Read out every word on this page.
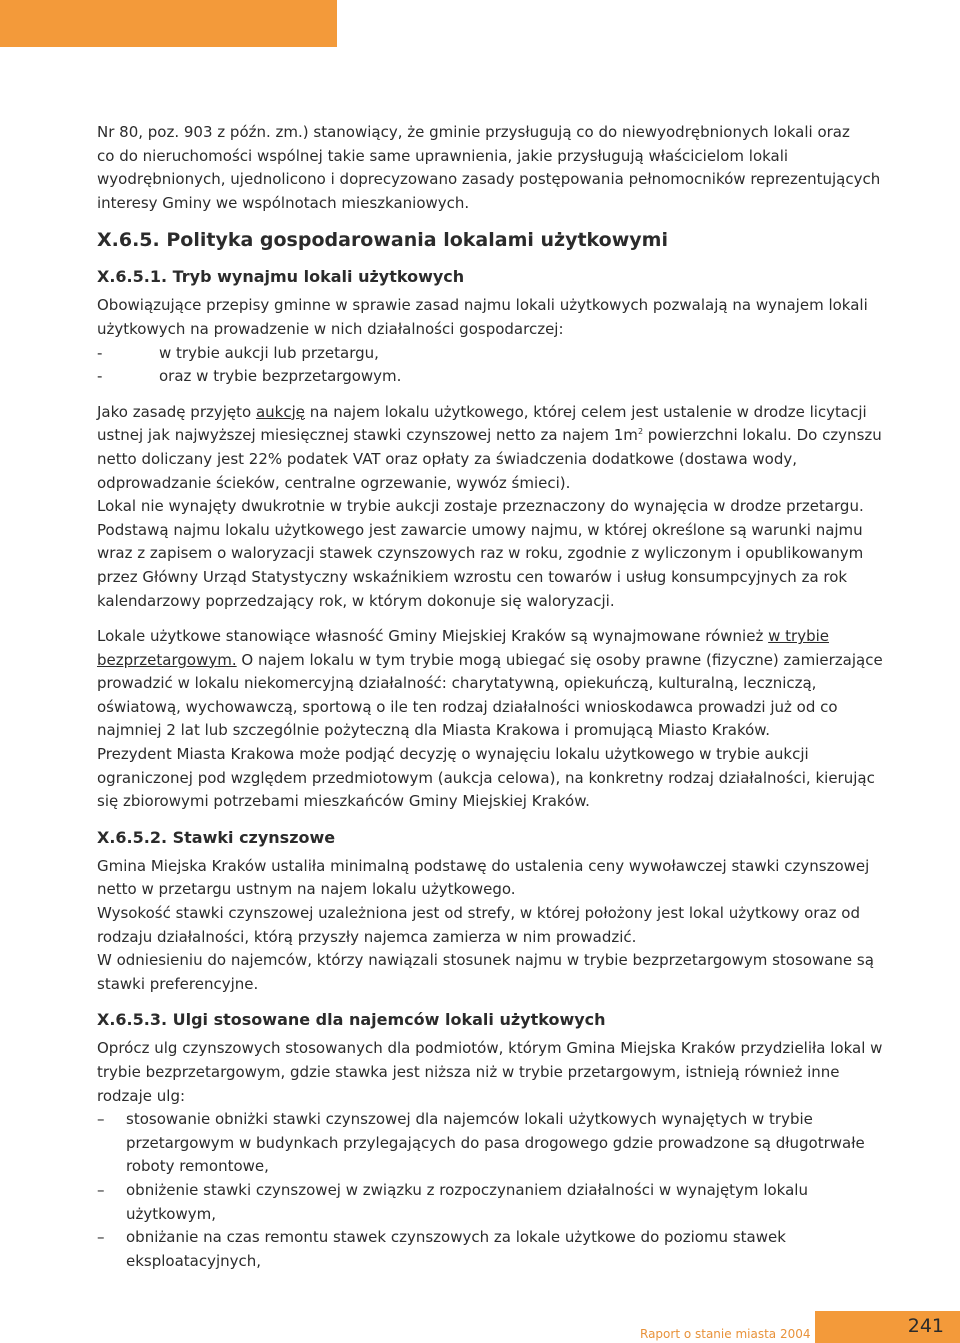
Nr 80, poz. 903 z późn. zm.) stanowiący, że gminie przysługują co do niewyodrębnionych lokali oraz

co do nieruchomości wspólnej takie same uprawnienia, jakie przysługują właścicielom lokali

wyodrębnionych, ujednolicono i doprecyzowano zasady postępowania pełnomocników reprezentujących

interesy Gminy we wspólnotach mieszkaniowych.

X.6.5. Polityka gospodarowania lokalami użytkowymi
X.6.5.1. Tryb wynajmu lokali użytkowych

Obowiązujące przepisy gminne w sprawie zasad najmu lokali użytkowych pozwalają na wynajem lokali użytkowych na prowadzenie w nich działalności gospodarczej:

-	w trybie aukcji lub przetargu,
-	oraz w trybie bezprzetargowym.

Jako zasadę przyjęto aukcję na najem lokalu użytkowego, której celem jest ustalenie w drodze licytacji ustnej jak najwyższej miesięcznej stawki czynszowej netto za najem $1m^2$ powierzchni lokalu. Do czynszu netto doliczany jest 22% podatek VAT oraz opłaty za świadczenia dodatkowe (dostawa wody, odprowadzanie ścieków, centralne ogrzewanie, wywóz śmieci).

Lokal nie wynajęty dwukrotnie w trybie aukcji zostaje przeznaczony do wynajęcia w drodze przetargu.

Podstawą najmu lokalu użytkowego jest zawarcie umowy najmu, w której określone są warunki najmu wraz z zapisem o waloryzacji stawek czynszowych raz w roku, zgodnie z wyliczonym i opublikowanym przez Główny Urząd Statystyczny wskaźnikiem wzrostu cen towarów i usług konsumpcyjnych za rok kalendarzowy poprzedzający rok, w którym dokonuje się waloryzacji.

Lokale użytkowe stanowiące własność Gminy Miejskiej Kraków są wynajmowane również w trybie bezprzetargowym. O najem lokalu w tym trybie mogą ubiegać się osoby prawne (fizyczne) zamierzające prowadzić w lokalu niekomercyjną działalność: charytatywną, opiekuńczą, kulturalną, leczniczą, oświatową, wychowawczą, sportową o ile ten rodzaj działalności wnioskodawca prowadzi już od co najmniej 2 lat lub szczególnie pożyteczną dla Miasta Krakowa i promującą Miasto Kraków.

Prezydent Miasta Krakowa może podjąć decyzję o wynajęciu lokalu użytkowego w trybie aukcji ograniczonej pod względem przedmiotowym (aukcja celowa), na konkretny rodzaj działalności, kierując się zbiorowymi potrzebami mieszkańców Gminy Miejskiej Kraków.

X.6.5.2. Stawki czynszowe

Gmina Miejska Kraków ustaliła minimalną podstawę do ustalenia ceny wywoławczej stawki czynszowej netto w przetargu ustnym na najem lokalu użytkowego.

Wysokość stawki czynszowej uzależniona jest od strefy, w której położony jest lokal użytkowy oraz od rodzaju działalności, którą przyszły najemca zamierza w nim prowadzić.

W odniesieniu do najemców, którzy nawiązali stosunek najmu w trybie bezprzetargowym stosowane są stawki preferencyjne.

X.6.5.3. Ulgi stosowane dla najemców lokali użytkowych

Oprócz ulg czynszowych stosowanych dla podmiotów, którym Gmina Miejska Kraków przydzieliła lokal w trybie bezprzetargowym, gdzie stawka jest niższa niż w trybie przetargowym, istnieją również inne rodzaje ulg:

–	stosowanie obniżki stawki czynszowej dla najemców lokali użytkowych wynajętych w trybie przetargowym w budynkach przylegających do pasa drogowego gdzie prowadzone są długotrwałe roboty remontowe,
–	obniżenie stawki czynszowej w związku z rozpoczynaniem działalności w wynajętym lokalu użytkowym,
–	obniżanie na czas remontu stawek czynszowych za lokale użytkowe do poziomu stawek eksploatacyjnych,
Raport o stanie miasta 2004	241
